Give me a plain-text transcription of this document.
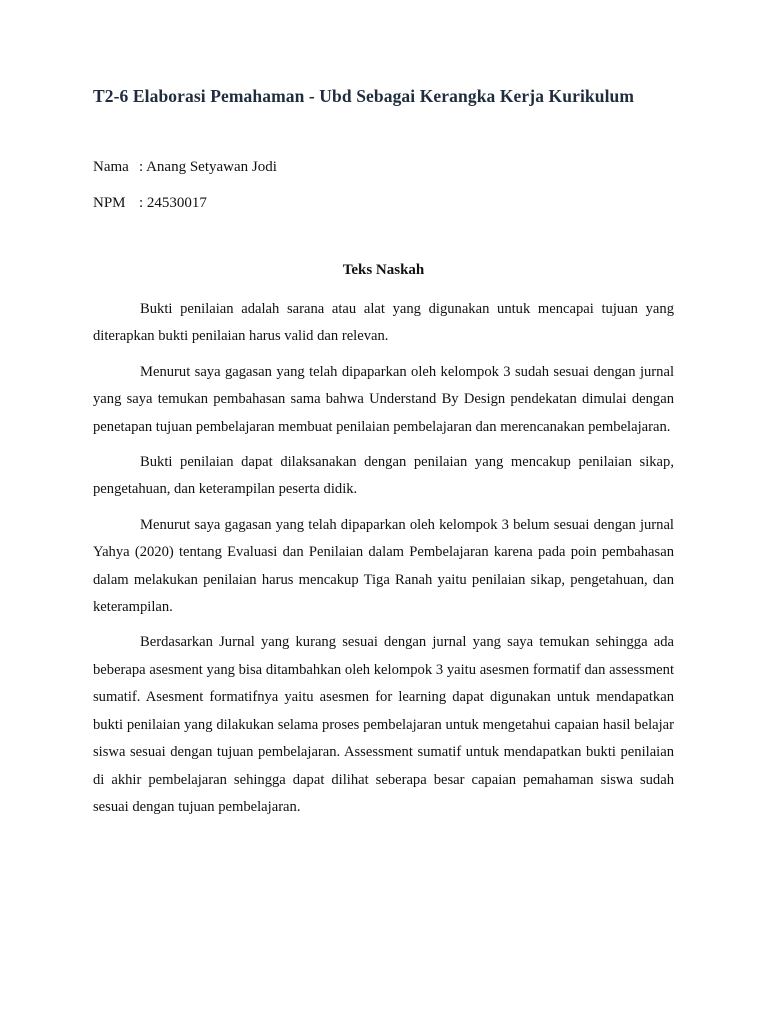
T2-6 Elaborasi Pemahaman - Ubd Sebagai Kerangka Kerja Kurikulum
Nama : Anang Setyawan Jodi
NPM : 24530017
Teks Naskah

Bukti penilaian adalah sarana atau alat yang digunakan untuk mencapai tujuan yang diterapkan bukti penilaian harus valid dan relevan.

Menurut saya gagasan yang telah dipaparkan oleh kelompok 3 sudah sesuai dengan jurnal yang saya temukan pembahasan sama bahwa Understand By Design pendekatan dimulai dengan penetapan tujuan pembelajaran membuat penilaian pembelajaran dan merencanakan pembelajaran.

Bukti penilaian dapat dilaksanakan dengan penilaian yang mencakup penilaian sikap, pengetahuan, dan keterampilan peserta didik.

Menurut saya gagasan yang telah dipaparkan oleh kelompok 3 belum sesuai dengan jurnal Yahya (2020) tentang Evaluasi dan Penilaian dalam Pembelajaran karena pada poin pembahasan dalam melakukan penilaian harus mencakup Tiga Ranah yaitu penilaian sikap, pengetahuan, dan keterampilan.

Berdasarkan Jurnal yang kurang sesuai dengan jurnal yang saya temukan sehingga ada beberapa asesment yang bisa ditambahkan oleh kelompok 3 yaitu asesmen formatif dan assessment sumatif. Asesment formatifnya yaitu asesmen for learning dapat digunakan untuk mendapatkan bukti penilaian yang dilakukan selama proses pembelajaran untuk mengetahui capaian hasil belajar siswa sesuai dengan tujuan pembelajaran. Assessment sumatif untuk mendapatkan bukti penilaian di akhir pembelajaran sehingga dapat dilihat seberapa besar capaian pemahaman siswa sudah sesuai dengan tujuan pembelajaran.
